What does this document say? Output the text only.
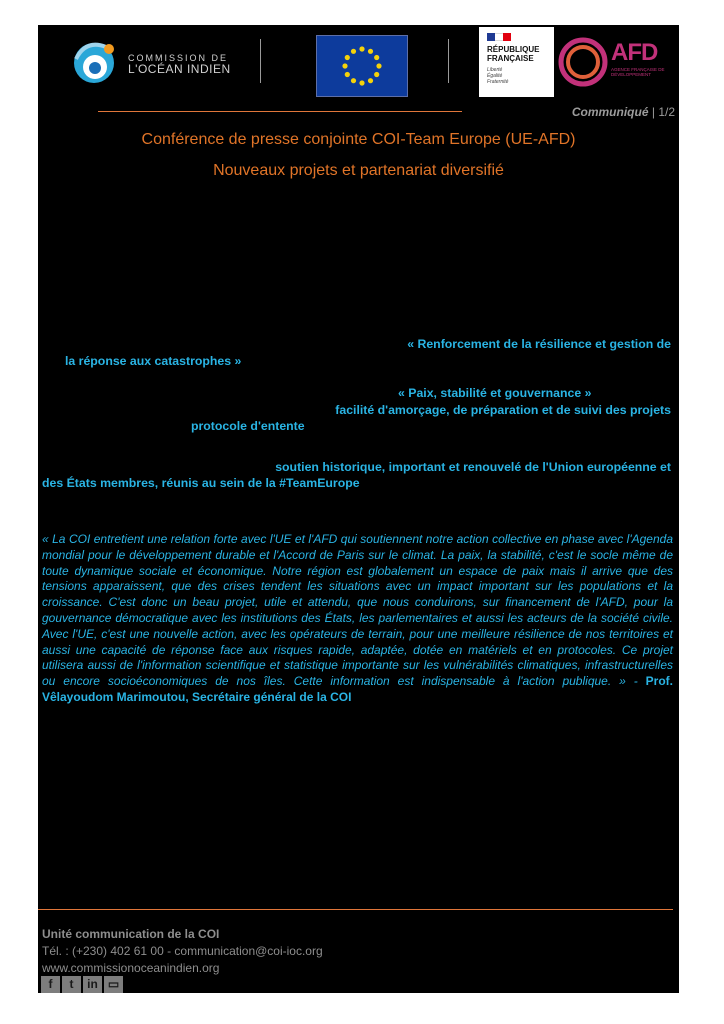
COMMISSION DE
L'OCÉAN INDIEN
RÉPUBLIQUE
FRANÇAISE
Liberté
Égalité
Fraternité
AFD
AGENCE FRANÇAISE DE DÉVELOPPEMENT
Communiqué | 1/2
Conférence de presse conjointe COI-Team Europe (UE-AFD)
Nouveaux projets et partenariat diversifié
« Renforcement de la résilience et gestion de
la réponse aux catastrophes »
« Paix, stabilité et gouvernance »
facilité d'amorçage, de préparation et de suivi des projets
protocole d'entente
soutien historique, important et renouvelé de l'Union européenne et
des États membres, réunis au sein de la #TeamEurope
« La COI entretient une relation forte avec l'UE et l'AFD qui soutiennent notre action collective en phase avec l'Agenda mondial pour le développement durable et l'Accord de Paris sur le climat. La paix, la stabilité, c'est le socle même de toute dynamique sociale et économique. Notre région est globalement un espace de paix mais il arrive que des tensions apparaissent, que des crises tendent les situations avec un impact important sur les populations et la croissance. C'est donc un beau projet, utile et attendu, que nous conduirons, sur financement de l'AFD, pour la gouvernance démocratique avec les institutions des États, les parlementaires et aussi les acteurs de la société civile. Avec l'UE, c'est une nouvelle action, avec les opérateurs de terrain, pour une meilleure résilience de nos territoires et aussi une capacité de réponse face aux risques rapide, adaptée, dotée en matériels et en protocoles. Ce projet utilisera aussi de l'information scientifique et statistique importante sur les vulnérabilités climatiques, infrastructurelles ou encore socioéconomiques de nos îles. Cette information est indispensable à l'action publique. » - Prof. Vêlayoudom Marimoutou, Secrétaire général de la COI
Unité communication de la COI
Tél. : (+230) 402 61 00 - communication@coi-ioc.org
www.commissionoceanindien.org
f t in ▭
